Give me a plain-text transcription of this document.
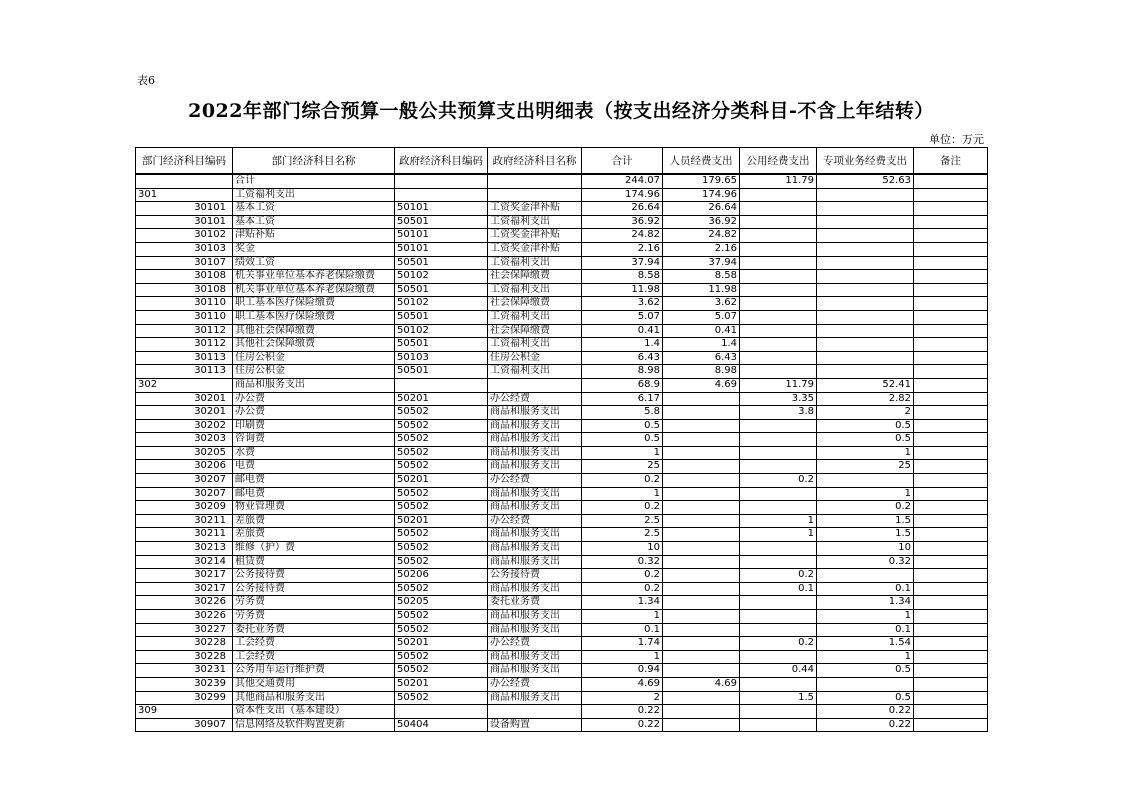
表6
2022年部门综合预算一般公共预算支出明细表（按支出经济分类科目-不含上年结转）
单位：万元
部门经济科目编码	部门经济科目名称	政府经济科目编码	政府经济科目名称	合计	人员经费支出	公用经费支出	专项业务经费支出	备注
	合计			244.07	179.65	11.79	52.63	
301	工资福利支出			174.96	174.96			
30101	基本工资	50101	工资奖金津补贴	26.64	26.64			
30101	基本工资	50501	工资福利支出	36.92	36.92			
30102	津贴补贴	50101	工资奖金津补贴	24.82	24.82			
30103	奖金	50101	工资奖金津补贴	2.16	2.16			
30107	绩效工资	50501	工资福利支出	37.94	37.94			
30108	机关事业单位基本养老保险缴费	50102	社会保障缴费	8.58	8.58			
30108	机关事业单位基本养老保险缴费	50501	工资福利支出	11.98	11.98			
30110	职工基本医疗保险缴费	50102	社会保障缴费	3.62	3.62			
30110	职工基本医疗保险缴费	50501	工资福利支出	5.07	5.07			
30112	其他社会保障缴费	50102	社会保障缴费	0.41	0.41			
30112	其他社会保障缴费	50501	工资福利支出	1.4	1.4			
30113	住房公积金	50103	住房公积金	6.43	6.43			
30113	住房公积金	50501	工资福利支出	8.98	8.98			
302	商品和服务支出			68.9	4.69	11.79	52.41	
30201	办公费	50201	办公经费	6.17		3.35	2.82	
30201	办公费	50502	商品和服务支出	5.8		3.8	2	
30202	印刷费	50502	商品和服务支出	0.5			0.5	
30203	咨询费	50502	商品和服务支出	0.5			0.5	
30205	水费	50502	商品和服务支出	1			1	
30206	电费	50502	商品和服务支出	25			25	
30207	邮电费	50201	办公经费	0.2		0.2		
30207	邮电费	50502	商品和服务支出	1			1	
30209	物业管理费	50502	商品和服务支出	0.2			0.2	
30211	差旅费	50201	办公经费	2.5		1	1.5	
30211	差旅费	50502	商品和服务支出	2.5		1	1.5	
30213	维修（护）费	50502	商品和服务支出	10			10	
30214	租赁费	50502	商品和服务支出	0.32			0.32	
30217	公务接待费	50206	公务接待费	0.2		0.2		
30217	公务接待费	50502	商品和服务支出	0.2		0.1	0.1	
30226	劳务费	50205	委托业务费	1.34			1.34	
30226	劳务费	50502	商品和服务支出	1			1	
30227	委托业务费	50502	商品和服务支出	0.1			0.1	
30228	工会经费	50201	办公经费	1.74		0.2	1.54	
30228	工会经费	50502	商品和服务支出	1			1	
30231	公务用车运行维护费	50502	商品和服务支出	0.94		0.44	0.5	
30239	其他交通费用	50201	办公经费	4.69	4.69			
30299	其他商品和服务支出	50502	商品和服务支出	2		1.5	0.5	
309	资本性支出（基本建设）			0.22			0.22	
30907	信息网络及软件购置更新	50404	设备购置	0.22			0.22	
